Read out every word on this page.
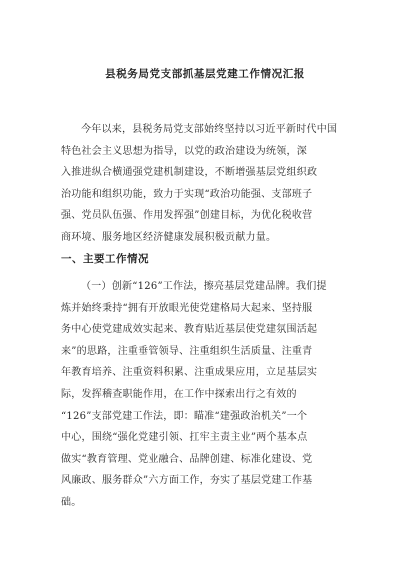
县税务局党支部抓基层党建工作情况汇报
今年以来，县税务局党支部始终坚持以习近平新时代中国
特色社会主义思想为指导，以党的政治建设为统领，深
入推进纵合横通强党建机制建设，不断增强基层党组织政
治功能和组织功能，致力于实现“政治功能强、支部班子
强、党员队伍强、作用发挥强”创建目标，为优化税收营
商环境、服务地区经济健康发展积极贡献力量。
一、主要工作情况
（一）创新“126”工作法，擦亮基层党建品牌。我们提
炼并始终秉持“拥有开放眼光使党建格局大起来、坚持服
务中心使党建成效实起来、教育贴近基层使党建氛围活起
来”的思路，注重垂管领导、注重组织生活质量、注重青
年教育培养、注重资料积累、注重成果应用，立足基层实
际，发挥稽查职能作用，在工作中探索出行之有效的
“126”支部党建工作法，即：瞄准“建强政治机关”一个
中心，围绕“强化党建引领、扛牢主责主业”两个基本点
做实“教育管理、党业融合、品牌创建、标准化建设、党
风廉政、服务群众”六方面工作，夯实了基层党建工作基
础。
